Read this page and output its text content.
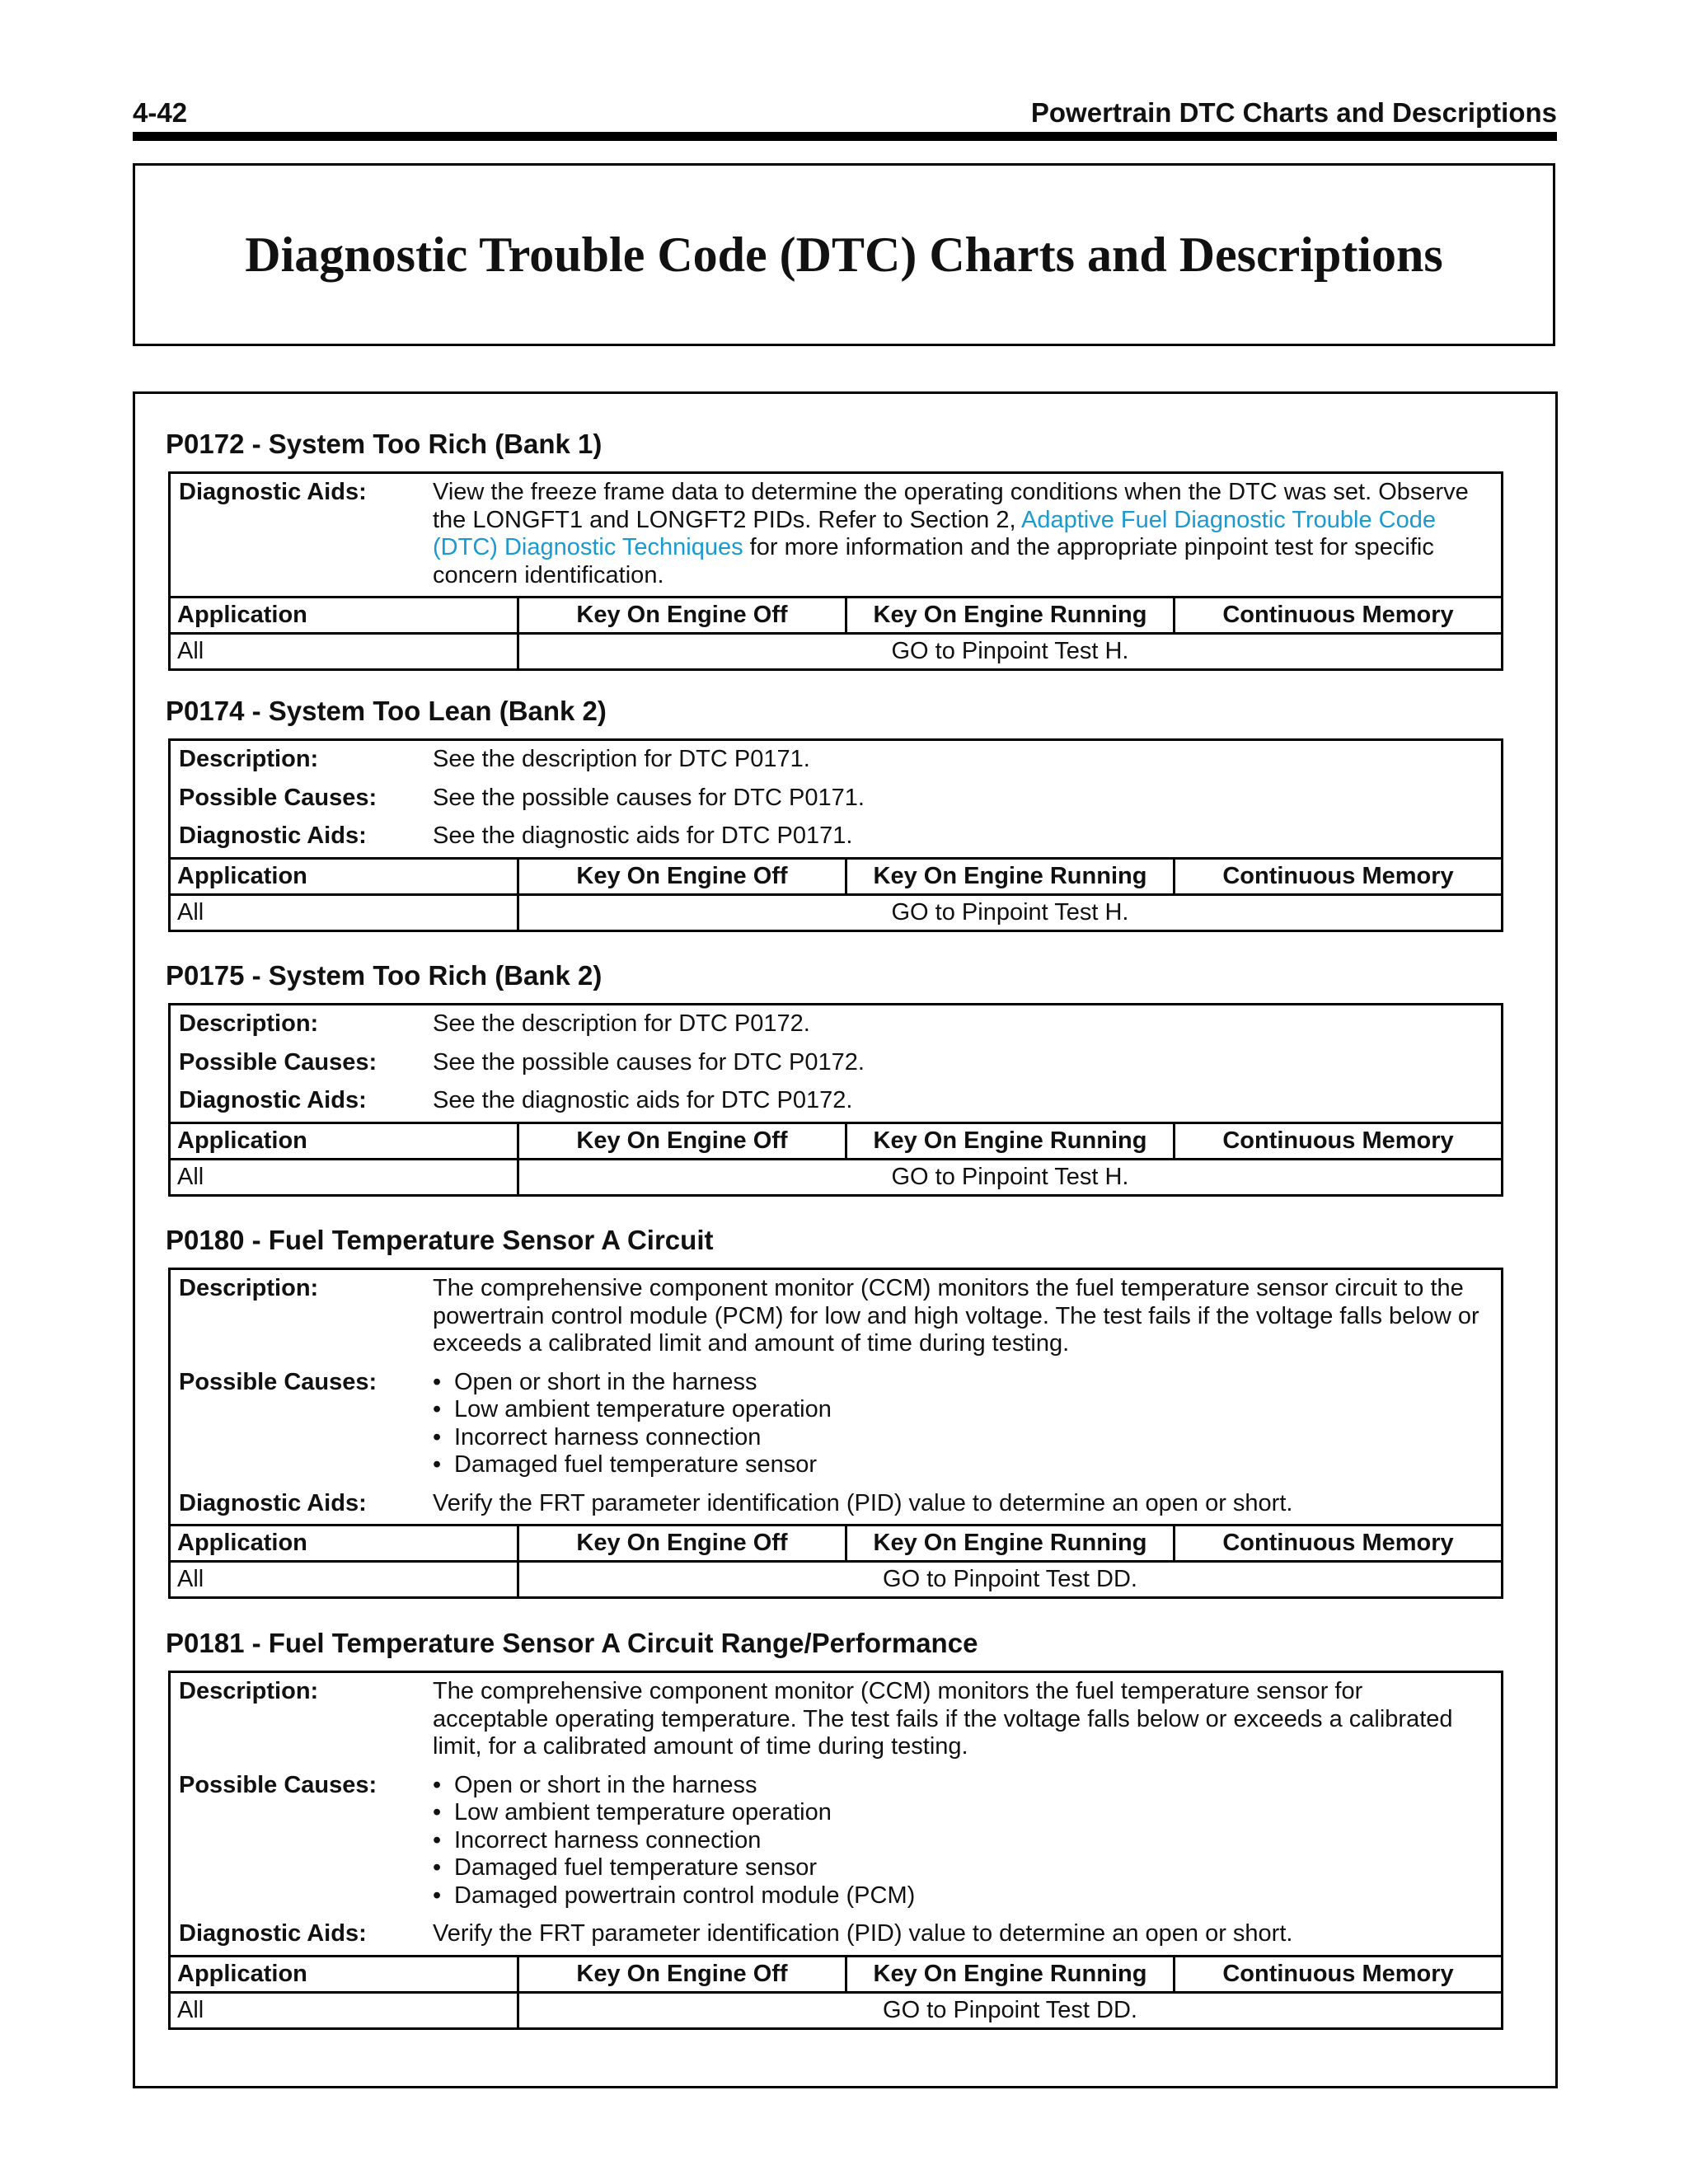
4-42	Powertrain DTC Charts and Descriptions
Diagnostic Trouble Code (DTC) Charts and Descriptions
P0172 - System Too Rich (Bank 1)
Diagnostic Aids:	View the freeze frame data to determine the operating conditions when the DTC was set. Observe the LONGFT1 and LONGFT2 PIDs. Refer to Section 2, Adaptive Fuel Diagnostic Trouble Code (DTC) Diagnostic Techniques for more information and the appropriate pinpoint test for specific concern identification.
Application	Key On Engine Off	Key On Engine Running	Continuous Memory
All	GO to Pinpoint Test H.
P0174 - System Too Lean (Bank 2)
Description:	See the description for DTC P0171.
Possible Causes:	See the possible causes for DTC P0171.
Diagnostic Aids:	See the diagnostic aids for DTC P0171.
Application	Key On Engine Off	Key On Engine Running	Continuous Memory
All	GO to Pinpoint Test H.
P0175 - System Too Rich (Bank 2)
Description:	See the description for DTC P0172.
Possible Causes:	See the possible causes for DTC P0172.
Diagnostic Aids:	See the diagnostic aids for DTC P0172.
Application	Key On Engine Off	Key On Engine Running	Continuous Memory
All	GO to Pinpoint Test H.
P0180 - Fuel Temperature Sensor A Circuit
Description:	The comprehensive component monitor (CCM) monitors the fuel temperature sensor circuit to the powertrain control module (PCM) for low and high voltage. The test fails if the voltage falls below or exceeds a calibrated limit and amount of time during testing.
Possible Causes:	• Open or short in the harness
• Low ambient temperature operation
• Incorrect harness connection
• Damaged fuel temperature sensor
Diagnostic Aids:	Verify the FRT parameter identification (PID) value to determine an open or short.
Application	Key On Engine Off	Key On Engine Running	Continuous Memory
All	GO to Pinpoint Test DD.
P0181 - Fuel Temperature Sensor A Circuit Range/Performance
Description:	The comprehensive component monitor (CCM) monitors the fuel temperature sensor for acceptable operating temperature. The test fails if the voltage falls below or exceeds a calibrated limit, for a calibrated amount of time during testing.
Possible Causes:	• Open or short in the harness
• Low ambient temperature operation
• Incorrect harness connection
• Damaged fuel temperature sensor
• Damaged powertrain control module (PCM)
Diagnostic Aids:	Verify the FRT parameter identification (PID) value to determine an open or short.
Application	Key On Engine Off	Key On Engine Running	Continuous Memory
All	GO to Pinpoint Test DD.
